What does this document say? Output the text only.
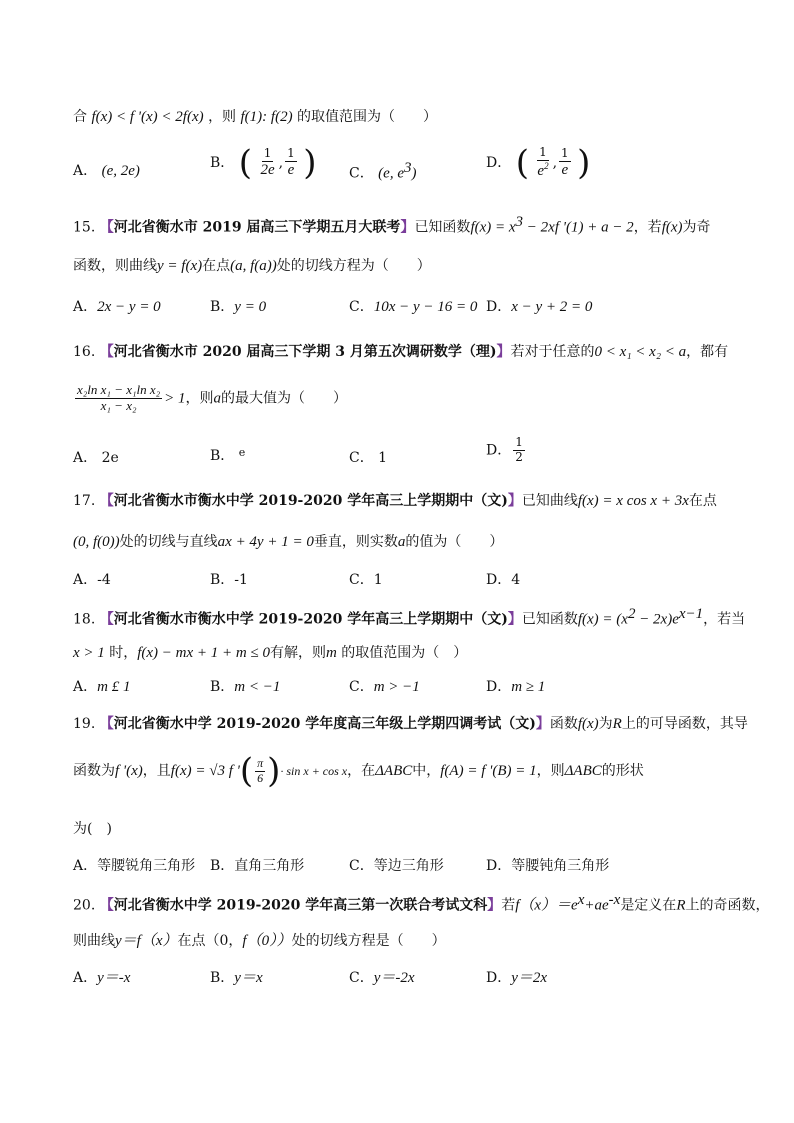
合 f(x) < f '(x) < 2f(x) ，则 f(1): f(2) 的取值范围为（　　）
A． (e, 2e)	B． ( $\frac{1}{2e}$ , $\frac{1}{e}$ ) C． (e, $e^3$)
D． ( $\frac{1}{e^2}$ , $\frac{1}{e}$ )
15. 【河北省衡水市 2019 届高三下学期五月大联考】已知函数$f(x) = x^3 - 2xf$ '(1) + a − 2，若f(x)为奇
函数，则曲线y = f(x)在点(a, f(a))处的切线方程为（　　）
A．2x − y = 0	B．y = 0	C．10x − y − 16 = 0 D．x − y + 2 = 0
16. 【河北省衡水市 2020 届高三下学期 3 月第五次调研数学（理)】若对于任意的0 < x₁ < x₂ < a，都有
$\frac{\text{x₂ln x₁ − x₁ln x₂}}{\text{x₁ − x₂}} > 1$，则a的最大值为（　　）
A． 2e	B． $^e$	C． 1	D． $\frac{1}{2}$
17. 【河北省衡水市衡水中学 2019-2020 学年高三上学期期中（文)】已知曲线f(x) = x cos x + 3x在点
(0, f(0))处的切线与直线ax + 4y + 1 = 0垂直，则实数a的值为（　　）
A．-4	B．-1	C．1	D．4
18. 【河北省衡水市衡水中学 2019-2020 学年高三上学期期中（文)】已知函数$f(x) = (x^2 - 2x)e^{x-1}$，若当
x > 1 时，f(x) − mx + 1 + m ≤ 0有解，则m 的取值范围为（　）
A．m £ 1	B．m < −1	C．m > −1	D．m ≥ 1
19. 【河北省衡水中学 2019-2020 学年度高三年级上学期四调考试（文)】函数f(x)为R上的可导函数，其导
函数为f '(x)，且f(x) = √3 f '( $\frac{\pi}{6}$ )· sin x + cos x，在ΔABC中，f(A) = f '(B) = 1，则ΔABC的形状
为(　)
A．等腰锐角三角形 B．直角三角形	C．等边三角形	D．等腰钝角三角形
20. 【河北省衡水中学 2019-2020 学年高三第一次联合考试文科】若$f(x)=e^x+ae^{-x}$是定义在R上的奇函数，
则曲线y＝f（x）在点（0，f（0））处的切线方程是（　　）
A．y＝-x	B．y＝x	C．y＝-2x	D．y＝2x
